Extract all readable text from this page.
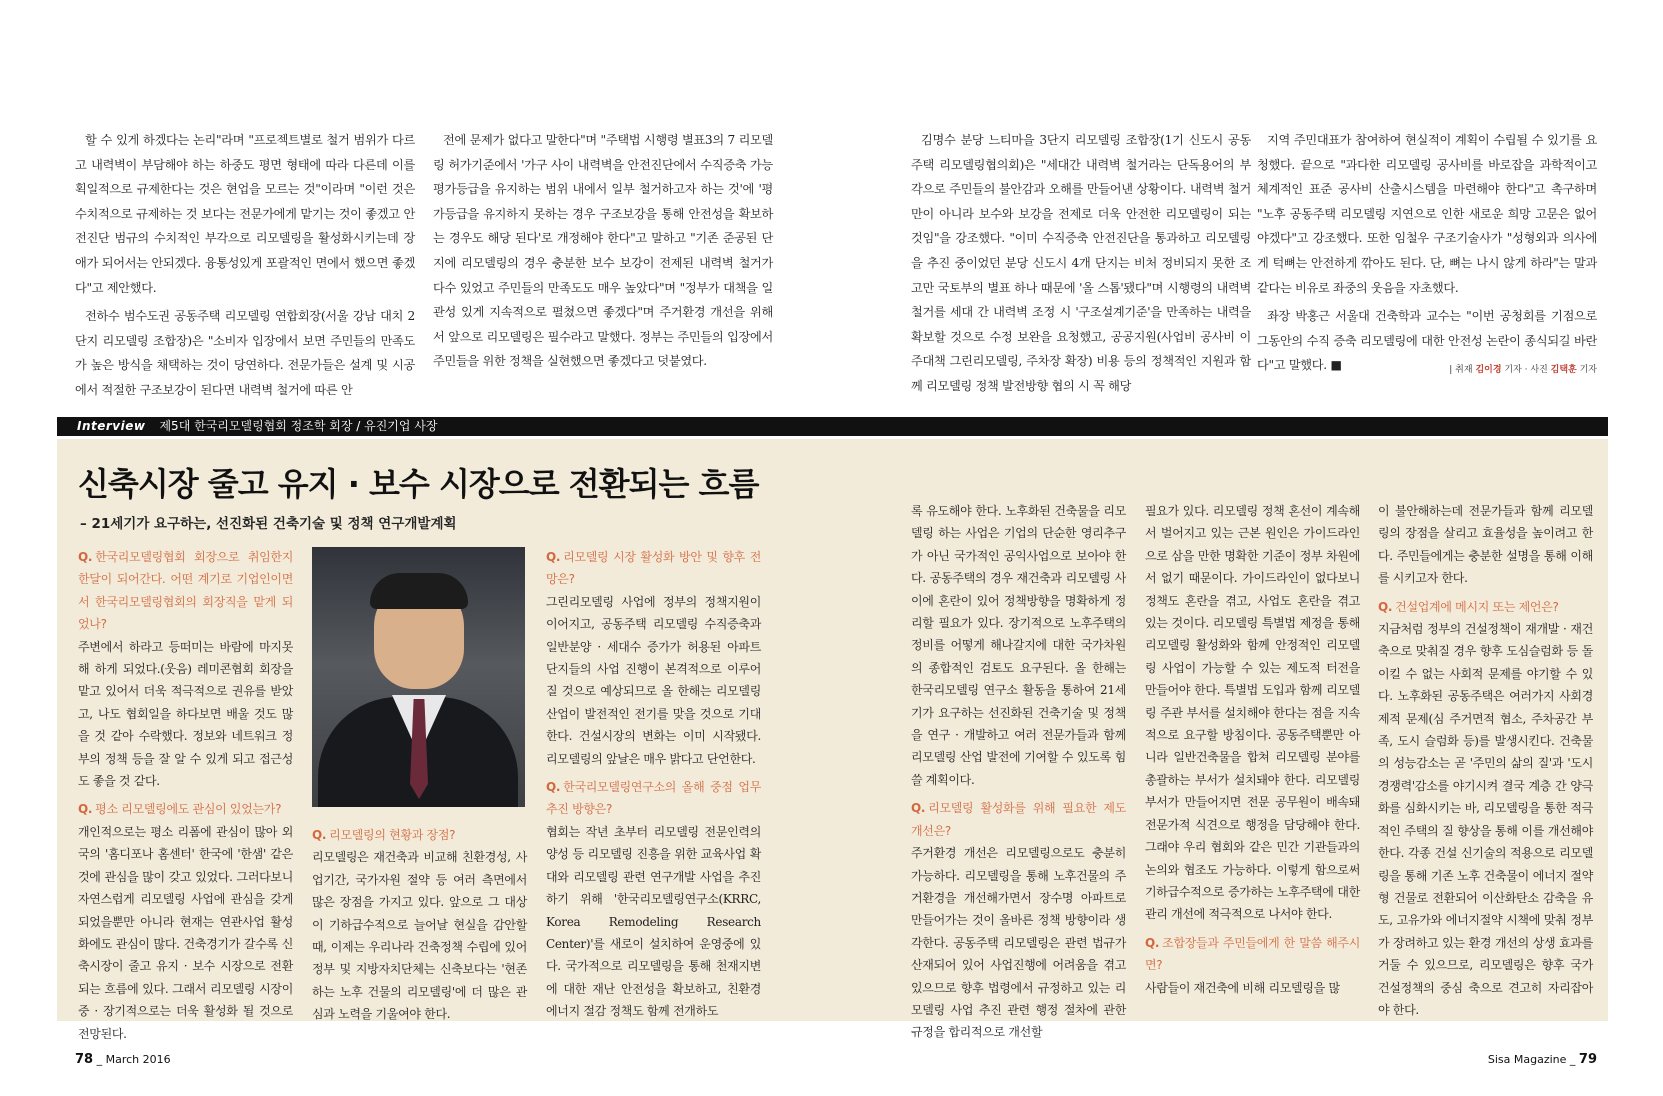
할 수 있게 하겠다는 논리"라며 "프로젝트별로 철거 범위가 다르고 내력벽이 부담해야 하는 하중도 평면 형태에 따라 다른데 이를 획일적으로 규제한다는 것은 현업을 모르는 것"이라며 "이런 것은 수치적으로 규제하는 것 보다는 전문가에게 맡기는 것이 좋겠고 안전진단 범규의 수치적인 부각으로 리모델링을 활성화시키는데 장애가 되어서는 안되겠다. 융통성있게 포괄적인 면에서 했으면 좋겠다"고 제안했다.

전하수 범수도권 공동주택 리모델링 연합회장(서울 강남 대치 2단지 리모델링 조합장)은 "소비자 입장에서 보면 주민들의 만족도가 높은 방식을 채택하는 것이 당연하다. 전문가들은 설계 및 시공에서 적절한 구조보강이 된다면 내력벽 철거에 따른 안

전에 문제가 없다고 말한다"며 "주택법 시행령 별표3의 7 리모델링 허가기준에서 '가구 사이 내력벽을 안전진단에서 수직증축 가능 평가등급을 유지하는 범위 내에서 일부 철거하고자 하는 것'에 '평가등급을 유지하지 못하는 경우 구조보강을 통해 안전성을 확보하는 경우도 해당 된다'로 개정해야 한다"고 말하고 "기존 준공된 단지에 리모델링의 경우 충분한 보수 보강이 전제된 내력벽 철거가 다수 있었고 주민들의 만족도도 매우 높았다"며 "정부가 대책을 일관성 있게 지속적으로 펼쳤으면 좋겠다"며 주거환경 개선을 위해서 앞으로 리모델링은 필수라고 말했다. 정부는 주민들의 입장에서 주민들을 위한 정책을 실현했으면 좋겠다고 덧붙였다.

김명수 분당 느티마을 3단지 리모델링 조합장(1기 신도시 공동주택 리모델링협의회)은 "세대간 내력벽 철거라는 단독용어의 부각으로 주민들의 불안감과 오해를 만들어낸 상황이다. 내력벽 철거만이 아니라 보수와 보강을 전제로 더욱 안전한 리모델링이 되는 것임"을 강조했다. "이미 수직증축 안전진단을 통과하고 리모델링을 추진 중이었던 분당 신도시 4개 단지는 비처 정비되지 못한 조고만 국토부의 별표 하나 때문에 '올 스톱'됐다"며 시행령의 내력벽철거를 세대 간 내력벽 조정 시 '구조설계기준'을 만족하는 내력을 확보할 것으로 수정 보완을 요청했고, 공공지원(사업비 공사비 이주대책 그린리모델링, 주차장 확장) 비용 등의 정책적인 지원과 함께 리모델링 정책 발전방향 협의 시 꼭 해당

지역 주민대표가 참여하여 현실적이 계획이 수립될 수 있기를 요청했다. 끝으로 "과다한 리모델링 공사비를 바로잡을 과학적이고 체계적인 표준 공사비 산출시스템을 마련해야 한다"고 촉구하며 "노후 공동주택 리모델링 지연으로 인한 새로운 희망 고문은 없어야겠다"고 강조했다. 또한 임철우 구조기술사가 "성형외과 의사에게 턱뼈는 안전하게 깎아도 된다. 단, 뼈는 나시 않게 하라"는 말과 같다는 비유로 좌중의 웃음을 자초했다.

좌장 박홍근 서울대 건축학과 교수는 "이번 공청회를 기점으로 그동안의 수직 증축 리모델링에 대한 안전성 논란이 종식되길 바란다"고 말했다. ■	| 취재 김이경 기자 · 사진 김택훈 기자
Interview 제5대 한국리모델링협회 정조학 회장 / 유진기업 사장
신축시장 줄고 유지 · 보수 시장으로 전환되는 흐름
– 21세기가 요구하는, 선진화된 건축기술 및 정책 연구개발계획
Q. 한국리모델링협회 회장으로 취임한지 한달이 되어간다. 어떤 계기로 기업인이면서 한국리모델링협회의 회장직을 맡게 되었나?

주변에서 하라고 등떠미는 바람에 마지못해 하게 되었다.(웃음) 레미콘협회 회장을 맡고 있어서 더욱 적극적으로 권유를 받았고, 나도 협회일을 하다보면 배울 것도 많을 것 같아 수락했다. 정보와 네트워크 정부의 정책 등을 잘 알 수 있게 되고 접근성도 좋을 것 같다.

Q. 평소 리모델링에도 관심이 있었는가?

개인적으로는 평소 리폼에 관심이 많아 외국의 '홈디포나 홈센터' 한국에 '한샘' 같은 것에 관심을 많이 갖고 있었다. 그러다보니 자연스럽게 리모델링 사업에 관심을 갖게 되었을뿐만 아니라 현재는 연관사업 활성화에도 관심이 많다. 건축경기가 갈수록 신축시장이 줄고 유지 · 보수 시장으로 전환되는 흐름에 있다. 그래서 리모델링 시장이 중 · 장기적으로는 더욱 활성화 될 것으로 전망된다.

Q. 리모델링의 현황과 장점?

리모델링은 재건축과 비교해 친환경성, 사업기간, 국가자원 절약 등 여러 측면에서 많은 장점을 가지고 있다. 앞으로 그 대상이 기하급수적으로 늘어날 현실을 감안할 때, 이제는 우리나라 건축정책 수립에 있어 정부 및 지방자치단체는 신축보다는 '현존하는 노후 건물의 리모델링'에 더 많은 관심과 노력을 기울여야 한다.

Q. 리모델링 시장 활성화 방안 및 향후 전망은?

그린리모델링 사업에 정부의 정책지원이 이어지고, 공동주택 리모델링 수직증축과 일반분양 · 세대수 증가가 허용된 아파트 단지들의 사업 진행이 본격적으로 이루어질 것으로 예상되므로 올 한해는 리모델링 산업이 발전적인 전기를 맞을 것으로 기대한다. 건설시장의 변화는 이미 시작됐다. 리모델링의 앞날은 매우 밝다고 단언한다.

Q. 한국리모델링연구소의 올해 중점 업무 추진 방향은?

협회는 작년 초부터 리모델링 전문인력의 양성 등 리모델링 진흥을 위한 교육사업 확대와 리모델링 관련 연구개발 사업을 추진하기 위해 '한국리모델링연구소(KRRC, Korea Remodeling Research Center)'를 새로이 설치하여 운영중에 있다. 국가적으로 리모델링을 통해 천재지변에 대한 재난 안전성을 확보하고, 친환경 에너지 절감 정책도 함께 전개하도

록 유도해야 한다. 노후화된 건축물을 리모델링 하는 사업은 기업의 단순한 영리추구가 아닌 국가적인 공익사업으로 보아야 한다. 공동주택의 경우 재건축과 리모델링 사이에 혼란이 있어 정책방향을 명확하게 정리할 필요가 있다. 장기적으로 노후주택의 정비를 어떻게 해나갈지에 대한 국가차원의 종합적인 검토도 요구된다. 올 한해는 한국리모델링 연구소 활동을 통하여 21세기가 요구하는 선진화된 건축기술 및 정책을 연구 · 개발하고 여러 전문가들과 함께 리모델링 산업 발전에 기여할 수 있도록 힘쓸 계획이다.

Q. 리모델링 활성화를 위해 필요한 제도 개선은?

주거환경 개선은 리모델링으로도 충분히 가능하다. 리모델링을 통해 노후건물의 주거환경을 개선해가면서 장수명 아파트로 만들어가는 것이 올바른 정책 방향이라 생각한다. 공동주택 리모델링은 관련 법규가 산재되어 있어 사업진행에 어려움을 겪고 있으므로 향후 법령에서 규정하고 있는 리모델링 사업 추진 관련 행정 절차에 관한 규정을 합리적으로 개선할

필요가 있다. 리모델링 정책 혼선이 계속해서 벌어지고 있는 근본 원인은 가이드라인으로 삼을 만한 명확한 기준이 정부 차원에서 없기 때문이다. 가이드라인이 없다보니 정책도 혼란을 겪고, 사업도 혼란을 겪고 있는 것이다. 리모델링 특별법 제정을 통해 리모델링 활성화와 함께 안정적인 리모델링 사업이 가능할 수 있는 제도적 터전을 만들어야 한다. 특별법 도입과 함께 리모델링 주관 부서를 설치해야 한다는 점을 지속적으로 요구할 방침이다. 공동주택뿐만 아니라 일반건축물을 합쳐 리모델링 분야를 총괄하는 부서가 설치돼야 한다. 리모델링 부서가 만들어지면 전문 공무원이 배속돼 전문가적 식견으로 행정을 담당해야 한다. 그래야 우리 협회와 같은 민간 기관들과의 논의와 협조도 가능하다. 이렇게 함으로써 기하급수적으로 증가하는 노후주택에 대한 관리 개선에 적극적으로 나서야 한다.

Q. 조합장들과 주민들에게 한 말씀 해주시면?

사람들이 재건축에 비해 리모델링을 많

이 불안해하는데 전문가들과 함께 리모델링의 장점을 살리고 효율성을 높이려고 한다. 주민들에게는 충분한 설명을 통해 이해를 시키고자 한다.

Q. 건설업계에 메시지 또는 제언은?

지금처럼 정부의 건설정책이 재개발 · 재건축으로 맞춰질 경우 향후 도심슬럼화 등 돌이킬 수 없는 사회적 문제를 야기할 수 있다. 노후화된 공동주택은 여러가지 사회경제적 문제(심 주거면적 협소, 주차공간 부족, 도시 슬럼화 등)를 발생시킨다. 건축물의 성능감소는 곧 '주민의 삶의 질'과 '도시 경쟁력'감소를 야기시켜 결국 계층 간 양극화를 심화시키는 바, 리모델링을 통한 적극적인 주택의 질 향상을 통해 이를 개선해야 한다. 각종 건설 신기술의 적용으로 리모델링을 통해 기존 노후 건축물이 에너지 절약형 건물로 전환되어 이산화탄소 감축을 유도, 고유가와 에너지절약 시책에 맞춰 정부가 장려하고 있는 환경 개선의 상생 효과를 거둘 수 있으므로, 리모델링은 향후 국가 건설정책의 중심 축으로 견고히 자리잡아야 한다.

78 _ March 2016	Sisa Magazine _ 79
